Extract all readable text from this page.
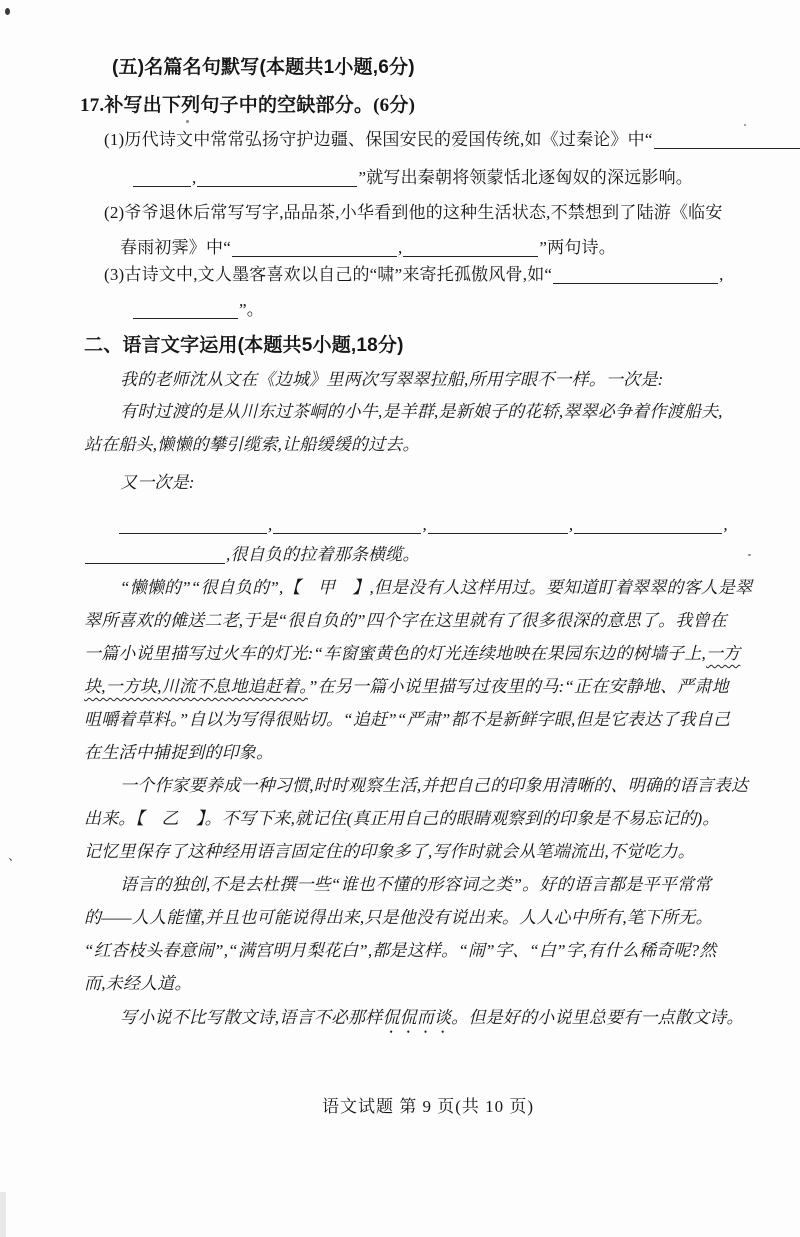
(五)名篇名句默写(本题共1小题,6分)
17.补写出下列句子中的空缺部分。(6分)
(1)历代诗文中常常弘扬守护边疆、保国安民的爱国传统,如《过秦论》中“
,	”就写出秦朝将领蒙恬北逐匈奴的深远影响。
(2)爷爷退休后常写写字,品品茶,小华看到他的这种生活状态,不禁想到了陆游《临安
春雨初霁》中“	,	”两句诗。
(3)古诗文中,文人墨客喜欢以自己的“啸”来寄托孤傲风骨,如“	,
”。
二、语言文字运用(本题共5小题,18分)
我的老师沈从文在《边城》里两次写翠翠拉船,所用字眼不一样。一次是:
有时过渡的是从川东过茶峒的小牛,是羊群,是新娘子的花轿,翠翠必争着作渡船夫,
站在船头,懒懒的攀引缆索,让船缓缓的过去。
又一次是:
,	,	,	,
,很自负的拉着那条横缆。
“懒懒的”“很自负的”,【　甲　】,但是没有人这样用过。要知道盯着翠翠的客人是翠
翠所喜欢的傩送二老,于是“很自负的”四个字在这里就有了很多很深的意思了。我曾在
一篇小说里描写过火车的灯光:“车窗蜜黄色的灯光连续地映在果园东边的树墙子上,一方
块,一方块,川流不息地追赶着。”在另一篇小说里描写过夜里的马:“正在安静地、严肃地
咀嚼着草料。”自以为写得很贴切。“追赶”“严肃”都不是新鲜字眼,但是它表达了我自己
在生活中捕捉到的印象。
一个作家要养成一种习惯,时时观察生活,并把自己的印象用清晰的、明确的语言表达
出来。【　乙　】。不写下来,就记住(真正用自己的眼睛观察到的印象是不易忘记的)。
记忆里保存了这种经用语言固定住的印象多了,写作时就会从笔端流出,不觉吃力。
语言的独创,不是去杜撰一些“谁也不懂的形容词之类”。好的语言都是平平常常
的——人人能懂,并且也可能说得出来,只是他没有说出来。人人心中所有,笔下所无。
“红杏枝头春意闹”,“满宫明月梨花白”,都是这样。“闹”字、“白”字,有什么稀奇呢?然
而,未经人道。
写小说不比写散文诗,语言不必那样侃侃而谈。但是好的小说里总要有一点散文诗。
语文试题 第 9 页(共 10 页)
、
